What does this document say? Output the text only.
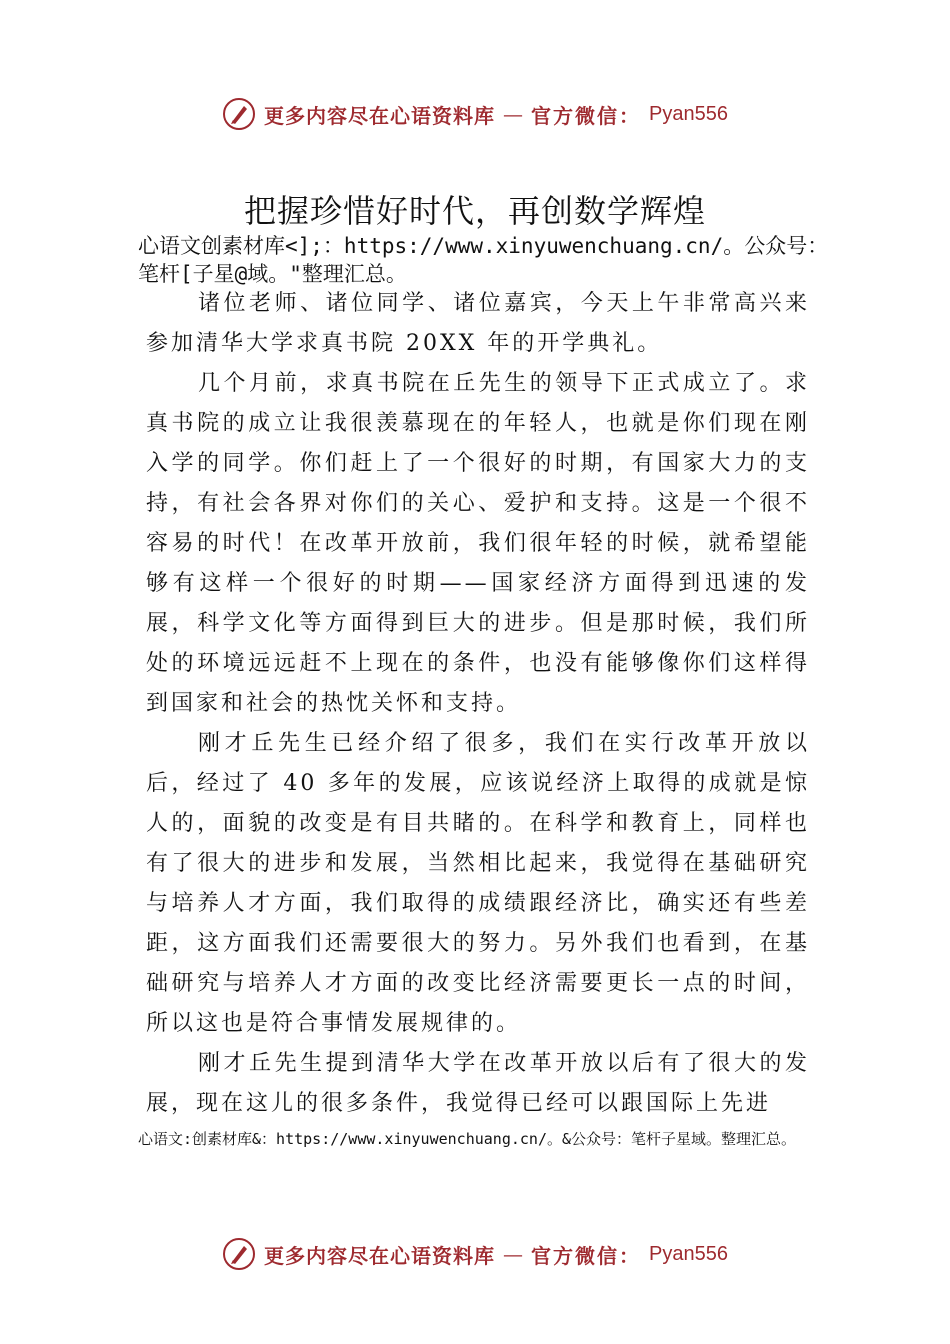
更多内容尽在心语资料库 — 官方微信： Pyan556
把握珍惜好时代，再创数学辉煌
心语文创素材库<];：https://www.xinyuwenchuang.cn/。公众号：笔杆[子星@域。"整理汇总。

诸位老师、诸位同学、诸位嘉宾，今天上午非常高兴来参加清华大学求真书院 20XX 年的开学典礼。

几个月前，求真书院在丘先生的领导下正式成立了。求真书院的成立让我很羡慕现在的年轻人，也就是你们现在刚入学的同学。你们赶上了一个很好的时期，有国家大力的支持，有社会各界对你们的关心、爱护和支持。这是一个很不容易的时代！在改革开放前，我们很年轻的时候，就希望能够有这样一个很好的时期——国家经济方面得到迅速的发展，科学文化等方面得到巨大的进步。但是那时候，我们所处的环境远远赶不上现在的条件，也没有能够像你们这样得到国家和社会的热忱关怀和支持。

刚才丘先生已经介绍了很多，我们在实行改革开放以后，经过了 40 多年的发展，应该说经济上取得的成就是惊人的，面貌的改变是有目共睹的。在科学和教育上，同样也有了很大的进步和发展，当然相比起来，我觉得在基础研究与培养人才方面，我们取得的成绩跟经济比，确实还有些差距，这方面我们还需要很大的努力。另外我们也看到，在基础研究与培养人才方面的改变比经济需要更长一点的时间，所以这也是符合事情发展规律的。

刚才丘先生提到清华大学在改革开放以后有了很大的发展，现在这儿的很多条件，我觉得已经可以跟国际上先进

心语文:创素材库&：https://www.xinyuwenchuang.cn/。&公众号：笔杆子星域。整理汇总。
更多内容尽在心语资料库 — 官方微信： Pyan556
